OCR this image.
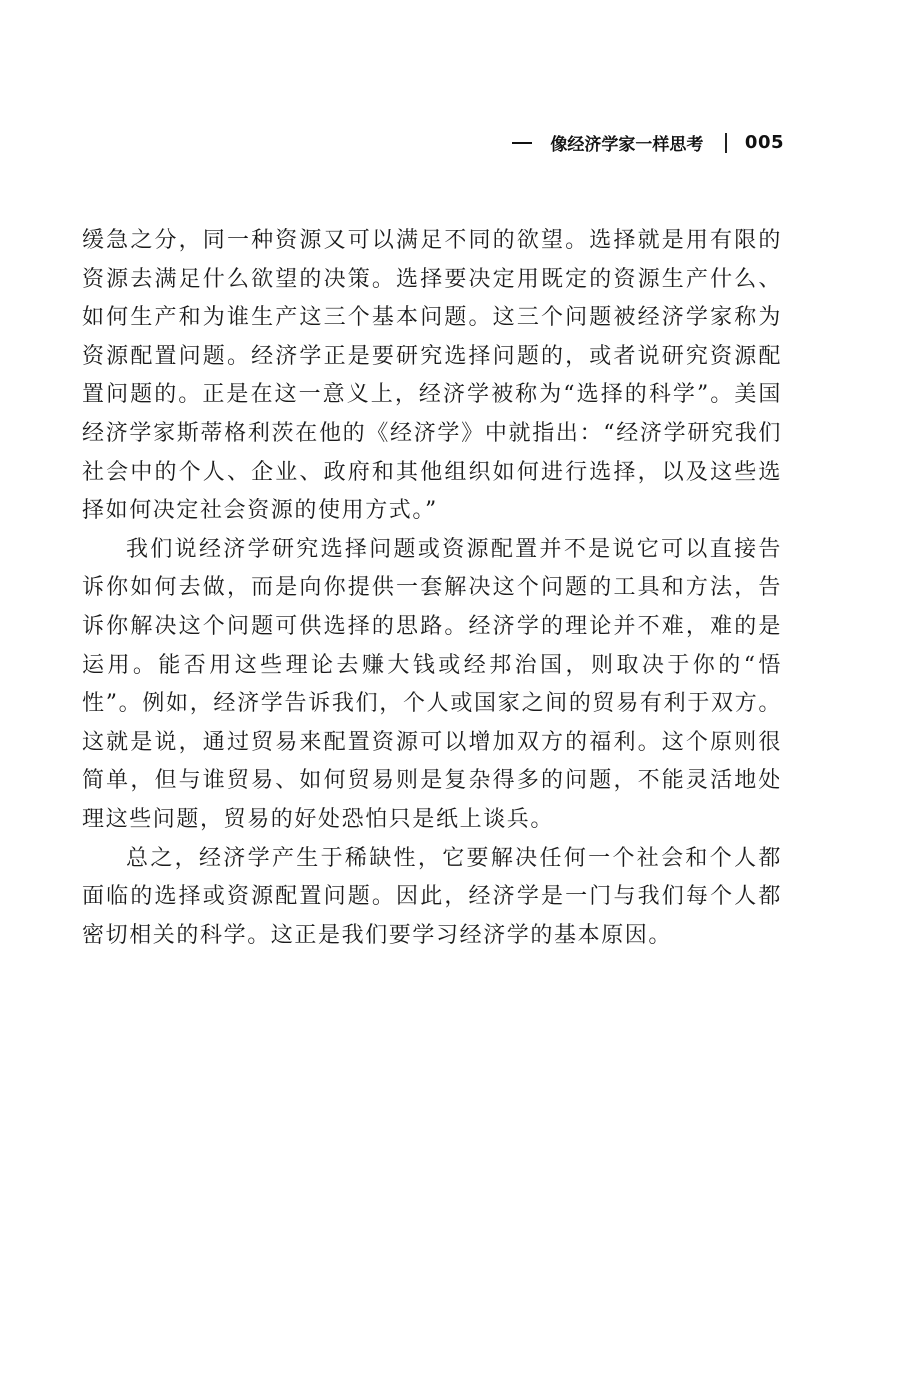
像经济学家一样思考 005

缓急之分，同一种资源又可以满足不同的欲望。选择就是用有限的资源去满足什么欲望的决策。选择要决定用既定的资源生产什么、如何生产和为谁生产这三个基本问题。这三个问题被经济学家称为资源配置问题。经济学正是要研究选择问题的，或者说研究资源配置问题的。正是在这一意义上，经济学被称为“选择的科学”。美国经济学家斯蒂格利茨在他的《经济学》中就指出：“经济学研究我们社会中的个人、企业、政府和其他组织如何进行选择，以及这些选择如何决定社会资源的使用方式。”

我们说经济学研究选择问题或资源配置并不是说它可以直接告诉你如何去做，而是向你提供一套解决这个问题的工具和方法，告诉你解决这个问题可供选择的思路。经济学的理论并不难，难的是运用。能否用这些理论去赚大钱或经邦治国，则取决于你的“悟性”。例如，经济学告诉我们，个人或国家之间的贸易有利于双方。这就是说，通过贸易来配置资源可以增加双方的福利。这个原则很简单，但与谁贸易、如何贸易则是复杂得多的问题，不能灵活地处理这些问题，贸易的好处恐怕只是纸上谈兵。

总之，经济学产生于稀缺性，它要解决任何一个社会和个人都面临的选择或资源配置问题。因此，经济学是一门与我们每个人都密切相关的科学。这正是我们要学习经济学的基本原因。
